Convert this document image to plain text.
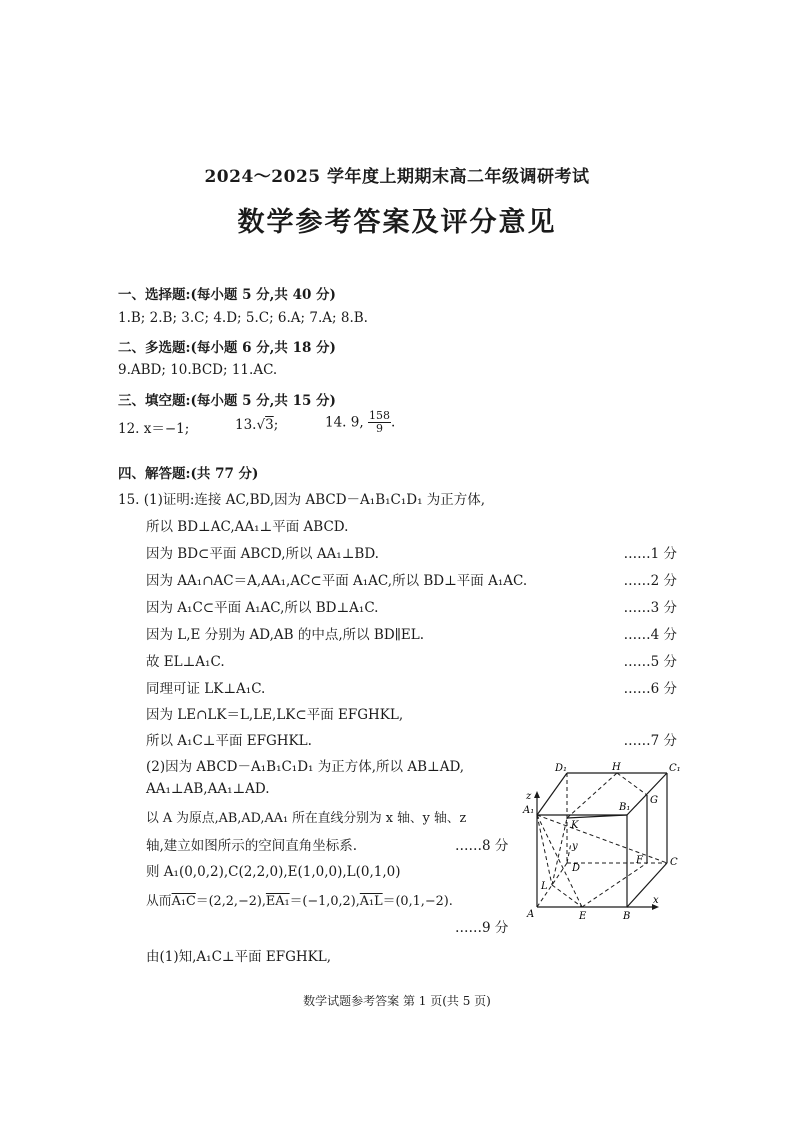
2024～2025 学年度上期期末高二年级调研考试
数学参考答案及评分意见
一、选择题:(每小题 5 分,共 40 分)
1.B; 2.B; 3.C; 4.D; 5.C; 6.A; 7.A; 8.B.
二、多选题:(每小题 6 分,共 18 分)
9.ABD; 10.BCD; 11.AC.
三、填空题:(每小题 5 分,共 15 分)
12. x＝−1;	13.√3;	14. 9, $\frac{158}{9}$ .
四、解答题:(共 77 分)
15. (1)证明:连接 AC,BD,因为 ABCD－A₁B₁C₁D₁ 为正方体,
所以 BD⊥AC,AA₁⊥平面 ABCD.
因为 BD⊂平面 ABCD,所以 AA₁⊥BD.	……1 分
因为 AA₁∩AC＝A,AA₁,AC⊂平面 A₁AC,所以 BD⊥平面 A₁AC.	……2 分
因为 A₁C⊂平面 A₁AC,所以 BD⊥A₁C.	……3 分
因为 L,E 分别为 AD,AB 的中点,所以 BD∥EL.	……4 分
故 EL⊥A₁C.	……5 分
同理可证 LK⊥A₁C.	……6 分
因为 LE∩LK＝L,LE,LK⊂平面 EFGHKL,
所以 A₁C⊥平面 EFGHKL.	……7 分
(2)因为 ABCD－A₁B₁C₁D₁ 为正方体,所以 AB⊥AD,
AA₁⊥AB,AA₁⊥AD.
以 A 为原点,AB,AD,AA₁ 所在直线分别为 x 轴、y 轴、z
轴,建立如图所示的空间直角坐标系.	……8 分
则 A₁(0,0,2),C(2,2,0),E(1,0,0),L(0,1,0)
从而A₁C＝(2,2,−2),EA₁＝(−1,0,2),A₁L＝(0,1,−2).
……9 分
由(1)知,A₁C⊥平面 EFGHKL,
D₁	H	C₁
z
A₁	B₁
G
K
y
D
F	C
L
A	E	B
x
数学试题参考答案 第 1 页(共 5 页)
